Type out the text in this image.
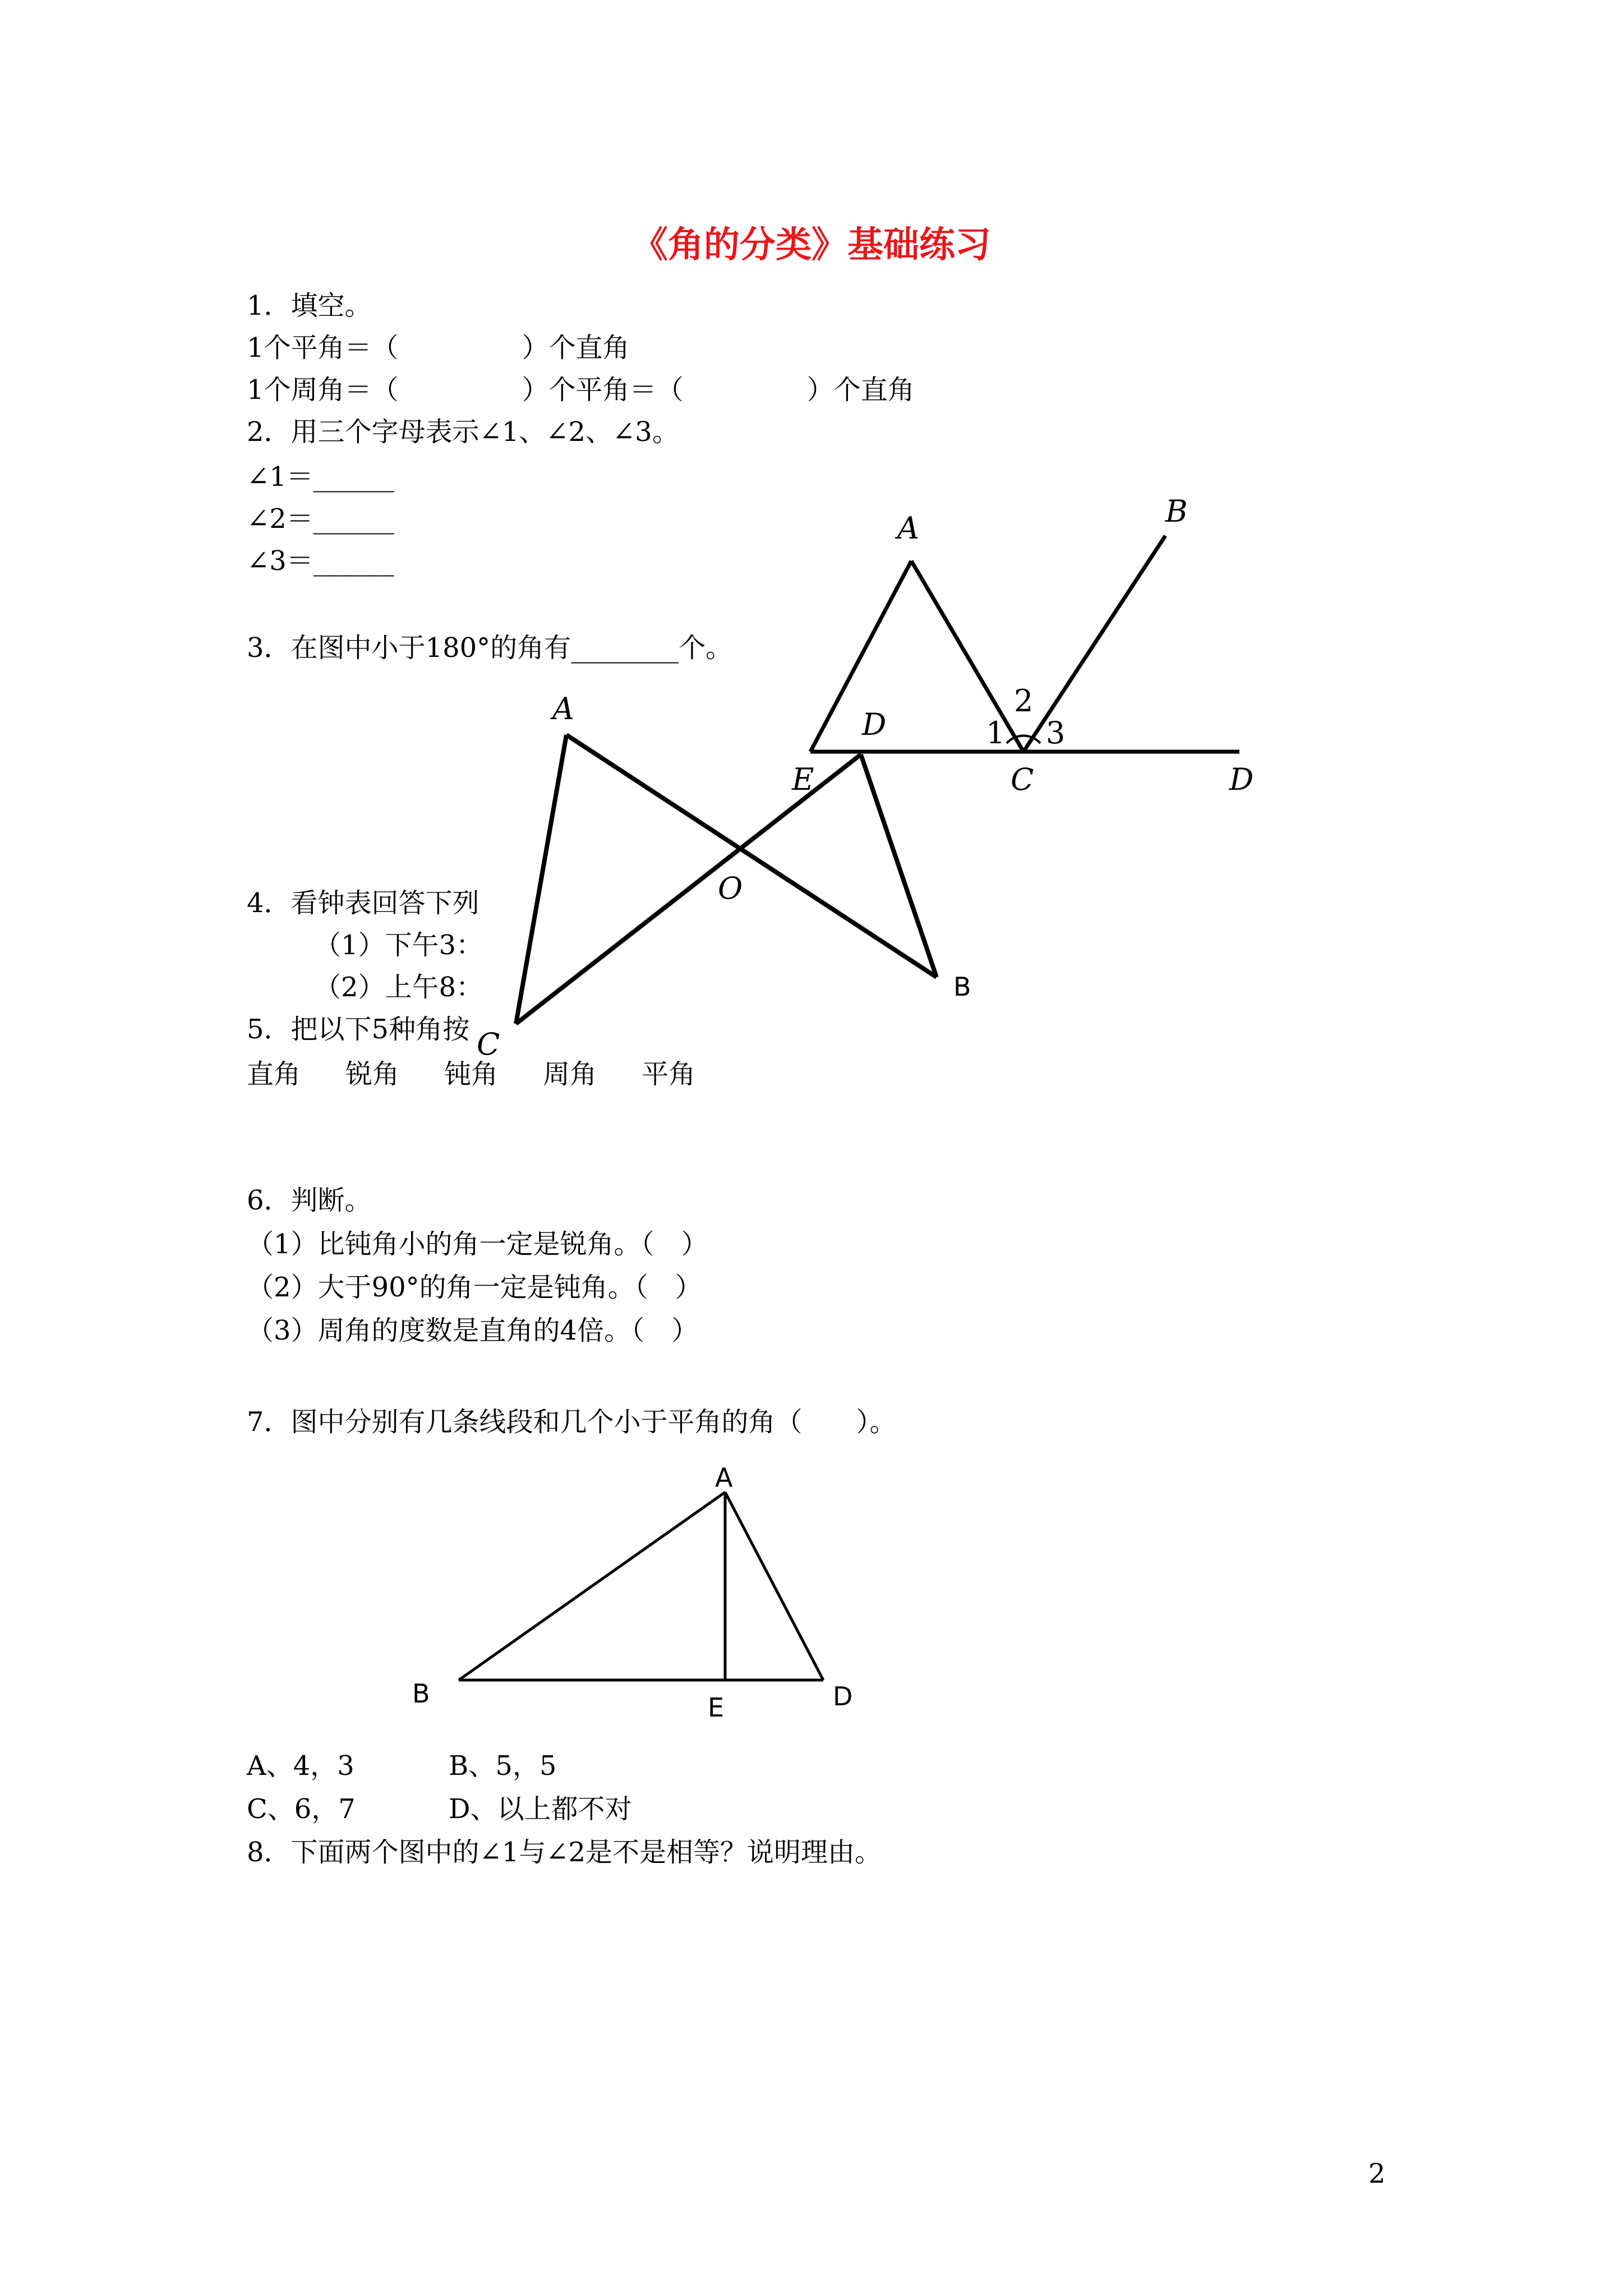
《角的分类》基础练习

1．填空。

1个平角＝（	）个直角

1个周角＝（	）个平角＝（	）个直角

2．用三个字母表示∠1、∠2、∠3。

∠1＝______

∠2＝______

∠3＝______

3．在图中小于180°的角有________个。

4．看钟表回答下列

（1）下午3：

（2）上午8：

5．把以下5种角按

直角 锐角 钝角 周角 平角

6．判断。

（1）比钝角小的角一定是锐角。（　）

（2）大于90°的角一定是钝角。（　）

（3）周角的度数是直角的4倍。（　）

7．图中分别有几条线段和几个小于平角的角（　　）。

A、4，3	B、5，5

C、6，7	D、以上都不对

8．下面两个图中的∠1与∠2是不是相等？说明理由。

2

A	B
C	D
1
2
3
A
B
C
D
O
E
A
B	D
E
